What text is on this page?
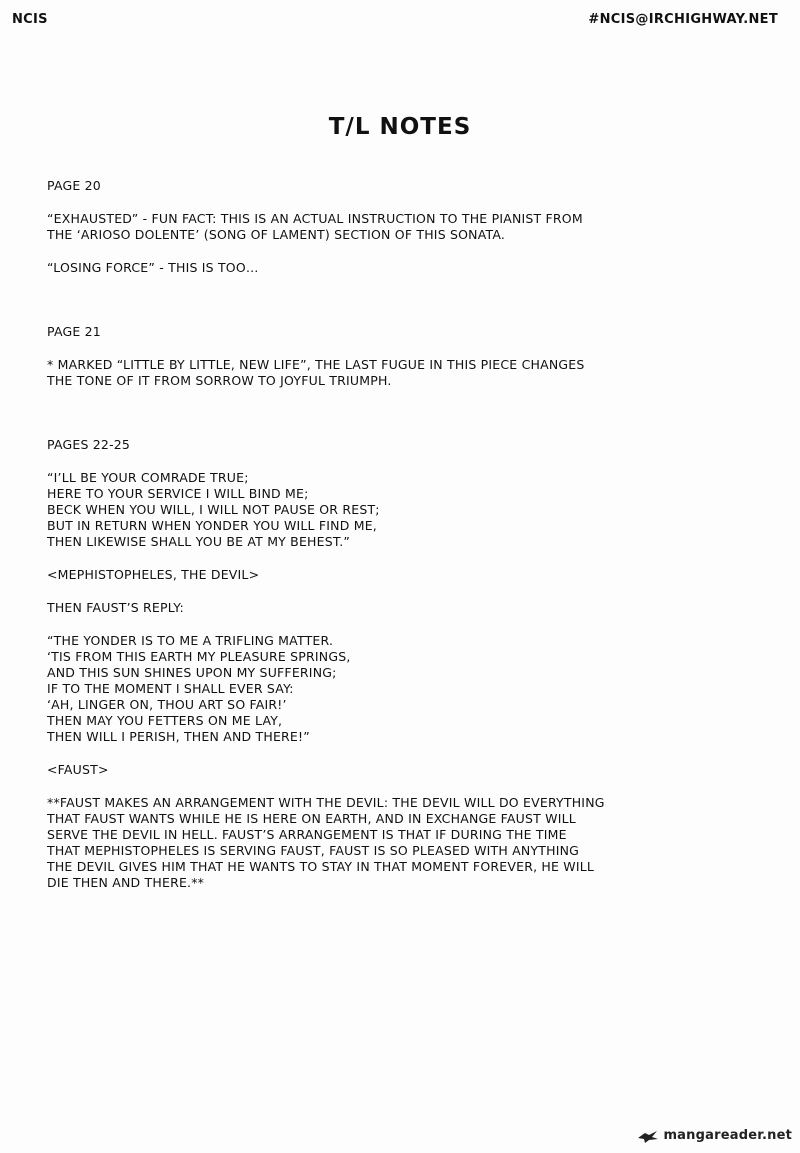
NCIS	#NCIS@IRCHIGHWAY.NET
T/L NOTES
PAGE 20
“EXHAUSTED” - FUN FACT: THIS IS AN ACTUAL INSTRUCTION TO THE PIANIST FROM
THE ‘ARIOSO DOLENTE’ (SONG OF LAMENT) SECTION OF THIS SONATA.
“LOSING FORCE” - THIS IS TOO…
PAGE 21
* MARKED “LITTLE BY LITTLE, NEW LIFE”, THE LAST FUGUE IN THIS PIECE CHANGES
THE TONE OF IT FROM SORROW TO JOYFUL TRIUMPH.
PAGES 22-25
“I’LL BE YOUR COMRADE TRUE;
HERE TO YOUR SERVICE I WILL BIND ME;
BECK WHEN YOU WILL, I WILL NOT PAUSE OR REST;
BUT IN RETURN WHEN YONDER YOU WILL FIND ME,
THEN LIKEWISE SHALL YOU BE AT MY BEHEST.”
<MEPHISTOPHELES, THE DEVIL>
THEN FAUST’S REPLY:
“THE YONDER IS TO ME A TRIFLING MATTER.
‘TIS FROM THIS EARTH MY PLEASURE SPRINGS,
AND THIS SUN SHINES UPON MY SUFFERING;
IF TO THE MOMENT I SHALL EVER SAY:
‘AH, LINGER ON, THOU ART SO FAIR!’
THEN MAY YOU FETTERS ON ME LAY,
THEN WILL I PERISH, THEN AND THERE!”
<FAUST>
**FAUST MAKES AN ARRANGEMENT WITH THE DEVIL: THE DEVIL WILL DO EVERYTHING
THAT FAUST WANTS WHILE HE IS HERE ON EARTH, AND IN EXCHANGE FAUST WILL
SERVE THE DEVIL IN HELL. FAUST’S ARRANGEMENT IS THAT IF DURING THE TIME
THAT MEPHISTOPHELES IS SERVING FAUST, FAUST IS SO PLEASED WITH ANYTHING
THE DEVIL GIVES HIM THAT HE WANTS TO STAY IN THAT MOMENT FOREVER, HE WILL
DIE THEN AND THERE.**
mangareader.net
